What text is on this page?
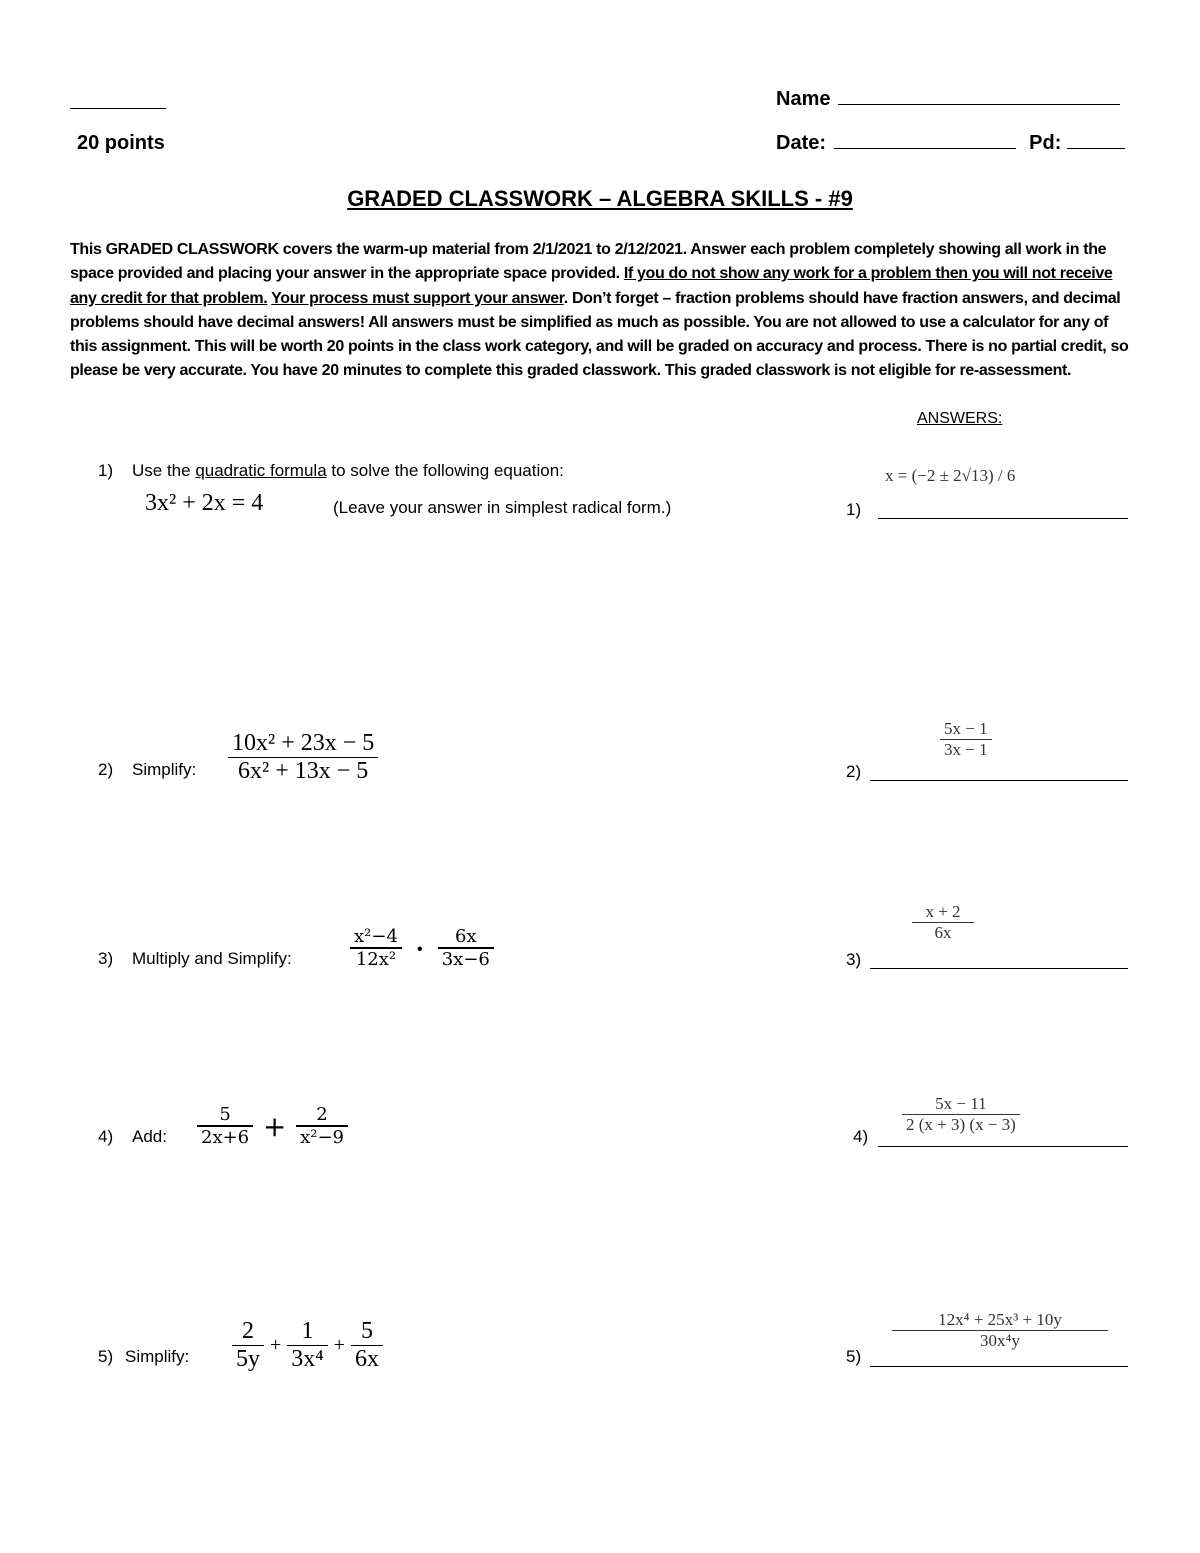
20 points
Name
Date:	Pd:
GRADED CLASSWORK – ALGEBRA SKILLS - #9
This GRADED CLASSWORK covers the warm-up material from 2/1/2021 to 2/12/2021. Answer each problem completely showing all work in the space provided and placing your answer in the appropriate space provided. If you do not show any work for a problem then you will not receive any credit for that problem. Your process must support your answer. Don’t forget – fraction problems should have fraction answers, and decimal problems should have decimal answers! All answers must be simplified as much as possible. You are not allowed to use a calculator for any of this assignment. This will be worth 20 points in the class work category, and will be graded on accuracy and process. There is no partial credit, so please be very accurate. You have 20 minutes to complete this graded classwork. This graded classwork is not eligible for re-assessment.
ANSWERS:
1) Use the quadratic formula to solve the following equation:
3x² + 2x = 4	(Leave your answer in simplest radical form.)	1)
x = (−2 ± 2√13) / 6
2) Simplify: $\frac{\text{10x² + 23x − 5}}{\text{6x² + 13x − 5}}$	2)
$\frac{5x - 1}{3x - 1}$
3) Multiply and Simplify:	$\frac{\text{x²−4}}{\text{12x²}} \cdot \frac{6x}{3x-6}$	3)
$\frac{x + 2}{6x}$
4) Add: $\frac{5}{2x+6} + \frac{2}{\text{x²−9}}$	4)
$\frac{5x - 11}{2 (x + 3) (x - 3)}$
5) Simplify: $\frac{2}{5y} + \frac{1}{\text{3x⁴}} + \frac{5}{6x}$	5)
$\frac{\text{12x⁴ + 25x³ + 10y}}{\text{30x⁴y}}$
